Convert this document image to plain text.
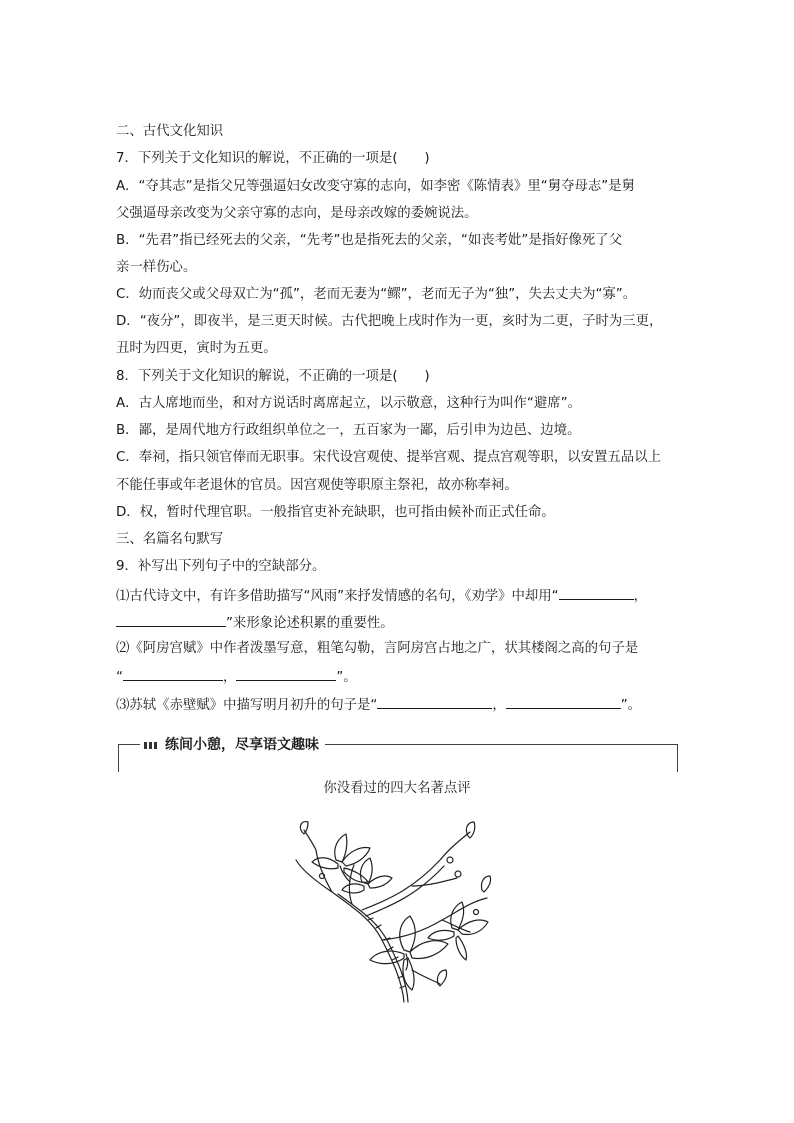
二、古代文化知识
7．下列关于文化知识的解说，不正确的一项是(　　)
A．“夺其志”是指父兄等强逼妇女改变守寡的志向，如李密《陈情表》里“舅夺母志”是舅
父强逼母亲改变为父亲守寡的志向，是母亲改嫁的委婉说法。
B．“先君”指已经死去的父亲，“先考”也是指死去的父亲，“如丧考妣”是指好像死了父
亲一样伤心。
C．幼而丧父或父母双亡为“孤”，老而无妻为“鳏”，老而无子为“独”，失去丈夫为“寡”。
D．“夜分”，即夜半，是三更天时候。古代把晚上戌时作为一更，亥时为二更，子时为三更，
丑时为四更，寅时为五更。
8．下列关于文化知识的解说，不正确的一项是(　　)
A．古人席地而坐，和对方说话时离席起立，以示敬意，这种行为叫作“避席”。
B．鄙，是周代地方行政组织单位之一，五百家为一鄙，后引申为边邑、边境。
C．奉祠，指只领官俸而无职事。宋代设宫观使、提举宫观、提点宫观等职，以安置五品以上
不能任事或年老退休的官员。因宫观使等职原主祭祀，故亦称奉祠。
D．权，暂时代理官职。一般指官吏补充缺职，也可指由候补而正式任命。
三、名篇名句默写
9．补写出下列句子中的空缺部分。
⑴古代诗文中，有许多借助描写“风雨”来抒发情感的名句，《劝学》中却用“	，
”来形象论述积累的重要性。
⑵《阿房宫赋》中作者泼墨写意，粗笔勾勒，言阿房宫占地之广，状其楼阁之高的句子是
“	，	”。
⑶苏轼《赤壁赋》中描写明月初升的句子是“	，	”。
练间小憩，尽享语文趣味
你没看过的四大名著点评
